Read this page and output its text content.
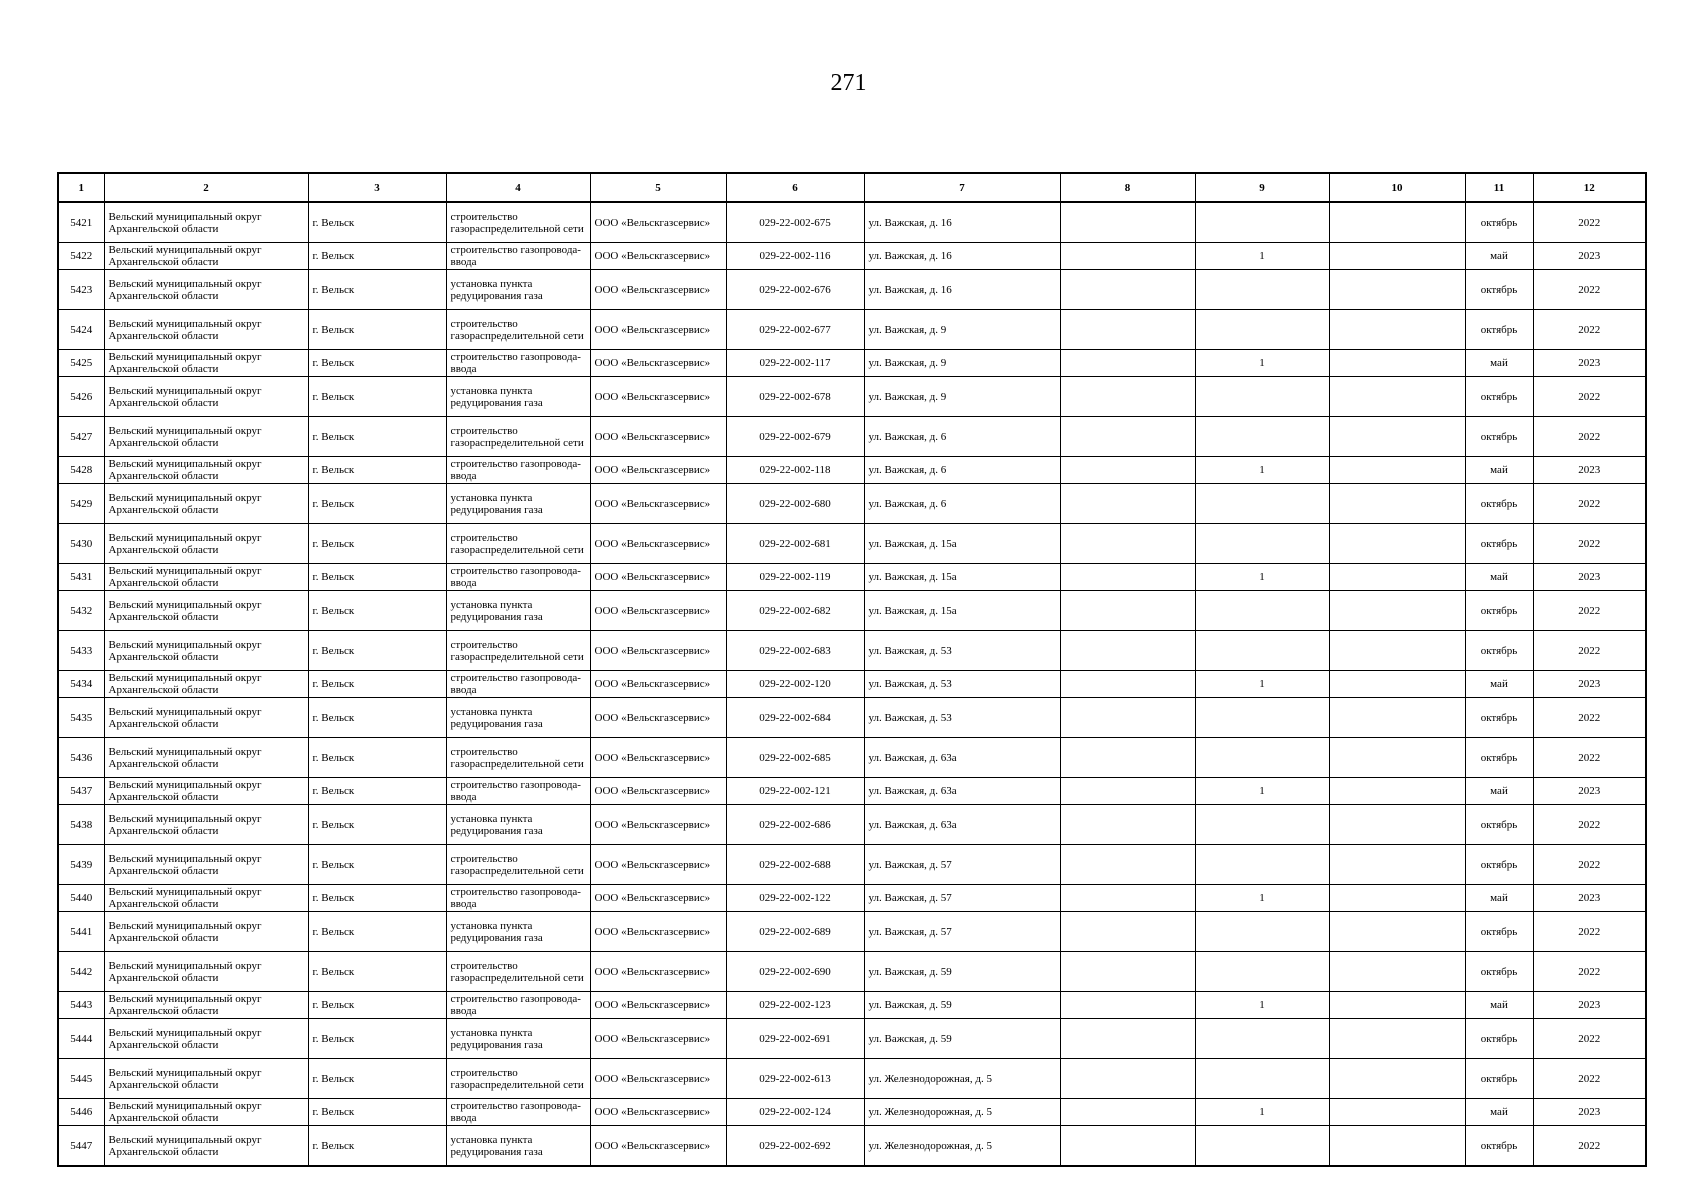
271
1	2	3	4	5	6	7	8	9	10	11	12
5421	Вельский муниципальный округ Архангельской области	г. Вельск	строительство газораспределительной сети	ООО «Вельскгазсервис»	029-22-002-675	ул. Важская, д. 16				октябрь	2022
5422	Вельский муниципальный округ Архангельской области	г. Вельск	строительство газопровода-ввода	ООО «Вельскгазсервис»	029-22-002-116	ул. Важская, д. 16		1		май	2023
5423	Вельский муниципальный округ Архангельской области	г. Вельск	установка пункта редуцирования газа	ООО «Вельскгазсервис»	029-22-002-676	ул. Важская, д. 16				октябрь	2022
5424	Вельский муниципальный округ Архангельской области	г. Вельск	строительство газораспределительной сети	ООО «Вельскгазсервис»	029-22-002-677	ул. Важская, д. 9				октябрь	2022
5425	Вельский муниципальный округ Архангельской области	г. Вельск	строительство газопровода-ввода	ООО «Вельскгазсервис»	029-22-002-117	ул. Важская, д. 9		1		май	2023
5426	Вельский муниципальный округ Архангельской области	г. Вельск	установка пункта редуцирования газа	ООО «Вельскгазсервис»	029-22-002-678	ул. Важская, д. 9				октябрь	2022
5427	Вельский муниципальный округ Архангельской области	г. Вельск	строительство газораспределительной сети	ООО «Вельскгазсервис»	029-22-002-679	ул. Важская, д. 6				октябрь	2022
5428	Вельский муниципальный округ Архангельской области	г. Вельск	строительство газопровода-ввода	ООО «Вельскгазсервис»	029-22-002-118	ул. Важская, д. 6		1		май	2023
5429	Вельский муниципальный округ Архангельской области	г. Вельск	установка пункта редуцирования газа	ООО «Вельскгазсервис»	029-22-002-680	ул. Важская, д. 6				октябрь	2022
5430	Вельский муниципальный округ Архангельской области	г. Вельск	строительство газораспределительной сети	ООО «Вельскгазсервис»	029-22-002-681	ул. Важская, д. 15а				октябрь	2022
5431	Вельский муниципальный округ Архангельской области	г. Вельск	строительство газопровода-ввода	ООО «Вельскгазсервис»	029-22-002-119	ул. Важская, д. 15а		1		май	2023
5432	Вельский муниципальный округ Архангельской области	г. Вельск	установка пункта редуцирования газа	ООО «Вельскгазсервис»	029-22-002-682	ул. Важская, д. 15а				октябрь	2022
5433	Вельский муниципальный округ Архангельской области	г. Вельск	строительство газораспределительной сети	ООО «Вельскгазсервис»	029-22-002-683	ул. Важская, д. 53				октябрь	2022
5434	Вельский муниципальный округ Архангельской области	г. Вельск	строительство газопровода-ввода	ООО «Вельскгазсервис»	029-22-002-120	ул. Важская, д. 53		1		май	2023
5435	Вельский муниципальный округ Архангельской области	г. Вельск	установка пункта редуцирования газа	ООО «Вельскгазсервис»	029-22-002-684	ул. Важская, д. 53				октябрь	2022
5436	Вельский муниципальный округ Архангельской области	г. Вельск	строительство газораспределительной сети	ООО «Вельскгазсервис»	029-22-002-685	ул. Важская, д. 63а				октябрь	2022
5437	Вельский муниципальный округ Архангельской области	г. Вельск	строительство газопровода-ввода	ООО «Вельскгазсервис»	029-22-002-121	ул. Важская, д. 63а		1		май	2023
5438	Вельский муниципальный округ Архангельской области	г. Вельск	установка пункта редуцирования газа	ООО «Вельскгазсервис»	029-22-002-686	ул. Важская, д. 63а				октябрь	2022
5439	Вельский муниципальный округ Архангельской области	г. Вельск	строительство газораспределительной сети	ООО «Вельскгазсервис»	029-22-002-688	ул. Важская, д. 57				октябрь	2022
5440	Вельский муниципальный округ Архангельской области	г. Вельск	строительство газопровода-ввода	ООО «Вельскгазсервис»	029-22-002-122	ул. Важская, д. 57		1		май	2023
5441	Вельский муниципальный округ Архангельской области	г. Вельск	установка пункта редуцирования газа	ООО «Вельскгазсервис»	029-22-002-689	ул. Важская, д. 57				октябрь	2022
5442	Вельский муниципальный округ Архангельской области	г. Вельск	строительство газораспределительной сети	ООО «Вельскгазсервис»	029-22-002-690	ул. Важская, д. 59				октябрь	2022
5443	Вельский муниципальный округ Архангельской области	г. Вельск	строительство газопровода-ввода	ООО «Вельскгазсервис»	029-22-002-123	ул. Важская, д. 59		1		май	2023
5444	Вельский муниципальный округ Архангельской области	г. Вельск	установка пункта редуцирования газа	ООО «Вельскгазсервис»	029-22-002-691	ул. Важская, д. 59				октябрь	2022
5445	Вельский муниципальный округ Архангельской области	г. Вельск	строительство газораспределительной сети	ООО «Вельскгазсервис»	029-22-002-613	ул. Железнодорожная, д. 5				октябрь	2022
5446	Вельский муниципальный округ Архангельской области	г. Вельск	строительство газопровода-ввода	ООО «Вельскгазсервис»	029-22-002-124	ул. Железнодорожная, д. 5		1		май	2023
5447	Вельский муниципальный округ Архангельской области	г. Вельск	установка пункта редуцирования газа	ООО «Вельскгазсервис»	029-22-002-692	ул. Железнодорожная, д. 5				октябрь	2022
